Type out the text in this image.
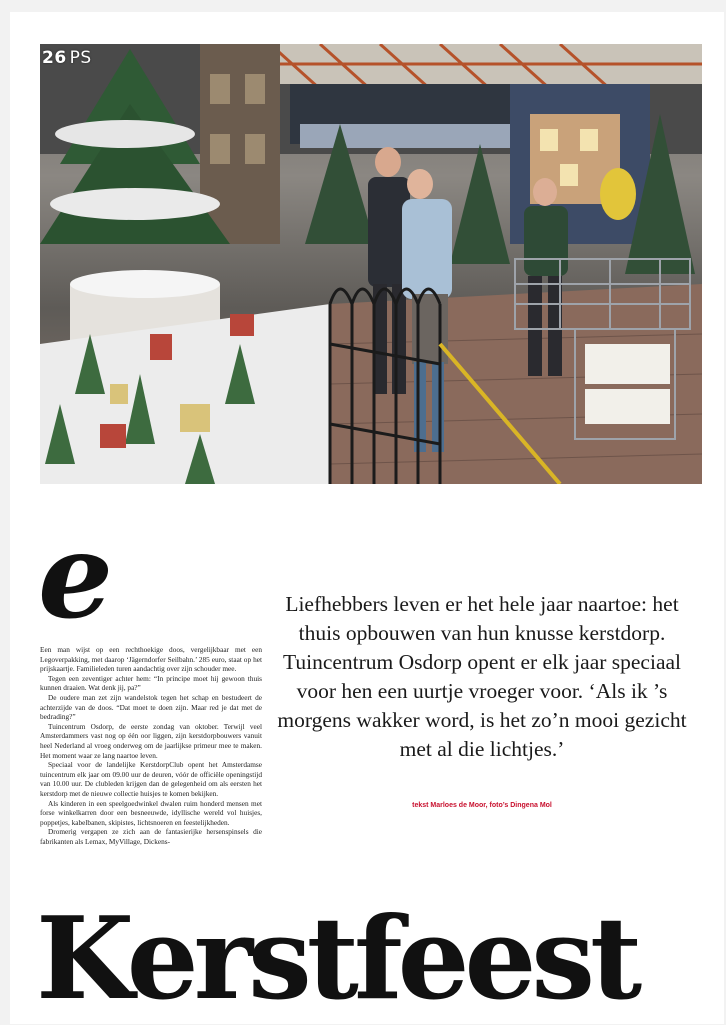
26 PS
e

Een man wijst op een rechthoekige doos, vergelijkbaar met een Legoverpakking, met daarop ‘Jägerndorfer Seilbahn.’ 285 euro, staat op het prijskaartje. Familieleden turen aandachtig over zijn schouder mee.

Tegen een zeventiger achter hem: “In principe moet hij gewoon thuis kunnen draaien. Wat denk jij, pa?”

De oudere man zet zijn wandelstok tegen het schap en bestudeert de achterzijde van de doos. “Dat moet te doen zijn. Maar red je dat met de bedrading?”

Tuincentrum Osdorp, de eerste zondag van oktober. Terwijl veel Amsterdammers vast nog op één oor liggen, zijn kerstdorpbouwers vanuit heel Nederland al vroeg onderweg om de jaarlijkse primeur mee te maken. Het moment waar ze lang naartoe leven.

Speciaal voor de landelijke KerstdorpClub opent het Amsterdamse tuincentrum elk jaar om 09.00 uur de deuren, vóór de officiële openingstijd van 10.00 uur. De clubleden krijgen dan de gelegenheid om als eersten het kerstdorp met de nieuwe collectie huisjes te komen bekijken.

Als kinderen in een speelgoedwinkel dwalen ruim honderd mensen met forse winkelkarren door een besneeuwde, idyllische wereld vol huisjes, poppetjes, kabelbanen, skipistes, lichtsnoeren en feestelijkheden.

Dromerig vergapen ze zich aan de fantasierijke hersenspinsels die fabrikanten als Lemax, MyVillage, Dickens-

Liefhebbers leven er het hele jaar naartoe: het thuis opbouwen van hun knusse kerstdorp. Tuincentrum Osdorp opent er elk jaar speciaal voor hen een uurtje vroeger voor. ‘Als ik ’s morgens wakker word, is het zo’n mooi gezicht met al die lichtjes.’
tekst Marloes de Moor, foto’s Dingena Mol
Kerstfeest
